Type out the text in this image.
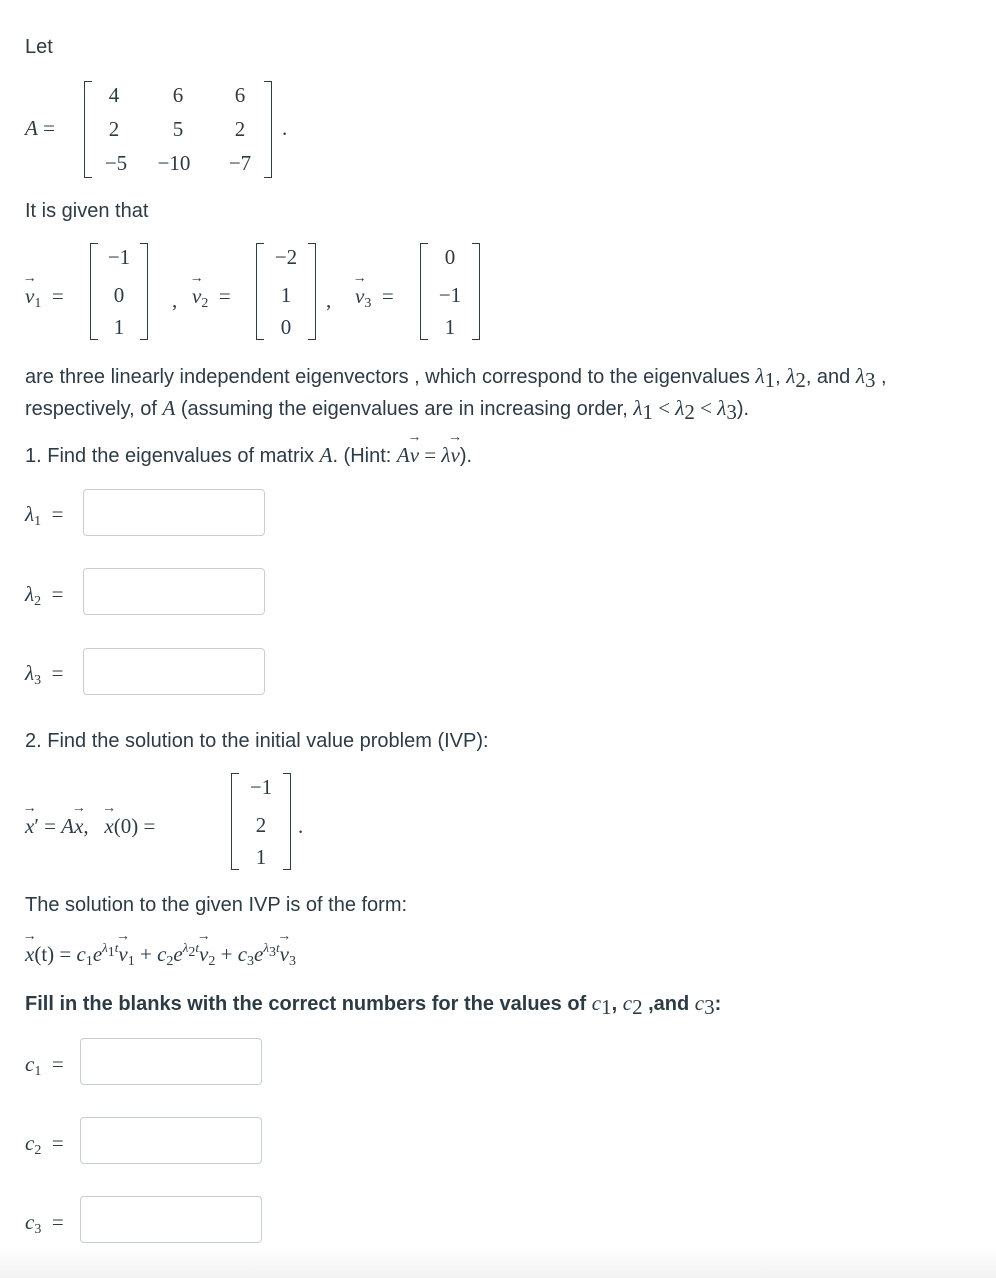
Let
A =
4	6 6
2	5 2
−5 −10 −7
.
It is given that
→ $v_1$ =
−1
0
1
, → $v_2$ =
−2
1
0
, → $v_3$ =
0
−1
1
are three linearly independent eigenvectors , which correspond to the eigenvalues $\lambda_1$, $\lambda_2$, and $\lambda_3$ ,
respectively, of A (assuming the eigenvalues are in increasing order, $\lambda_1 < \lambda_2 < \lambda_3$).
1. Find the eigenvalues of matrix A. (Hint: A→ v = λ→ v).
$\lambda_1$ =
$\lambda_2$ =
$\lambda_3$ =
2. Find the solution to the initial value problem (IVP):
→ x′ = A→ x, → x(0) =
−1
2
1
.
The solution to the given IVP is of the form:
→ $x(t) = c_1e^{\lambda_1t}\to v_1 + c_2e^{\lambda_2t}\to v_2 + c_3e^{\lambda_3t}\to v_3$
Fill in the blanks with the correct numbers for the values of $c_1$, $c_2$ ,and $c_3$:
$c_1$ =
$c_2$ =
$c_3$ =
